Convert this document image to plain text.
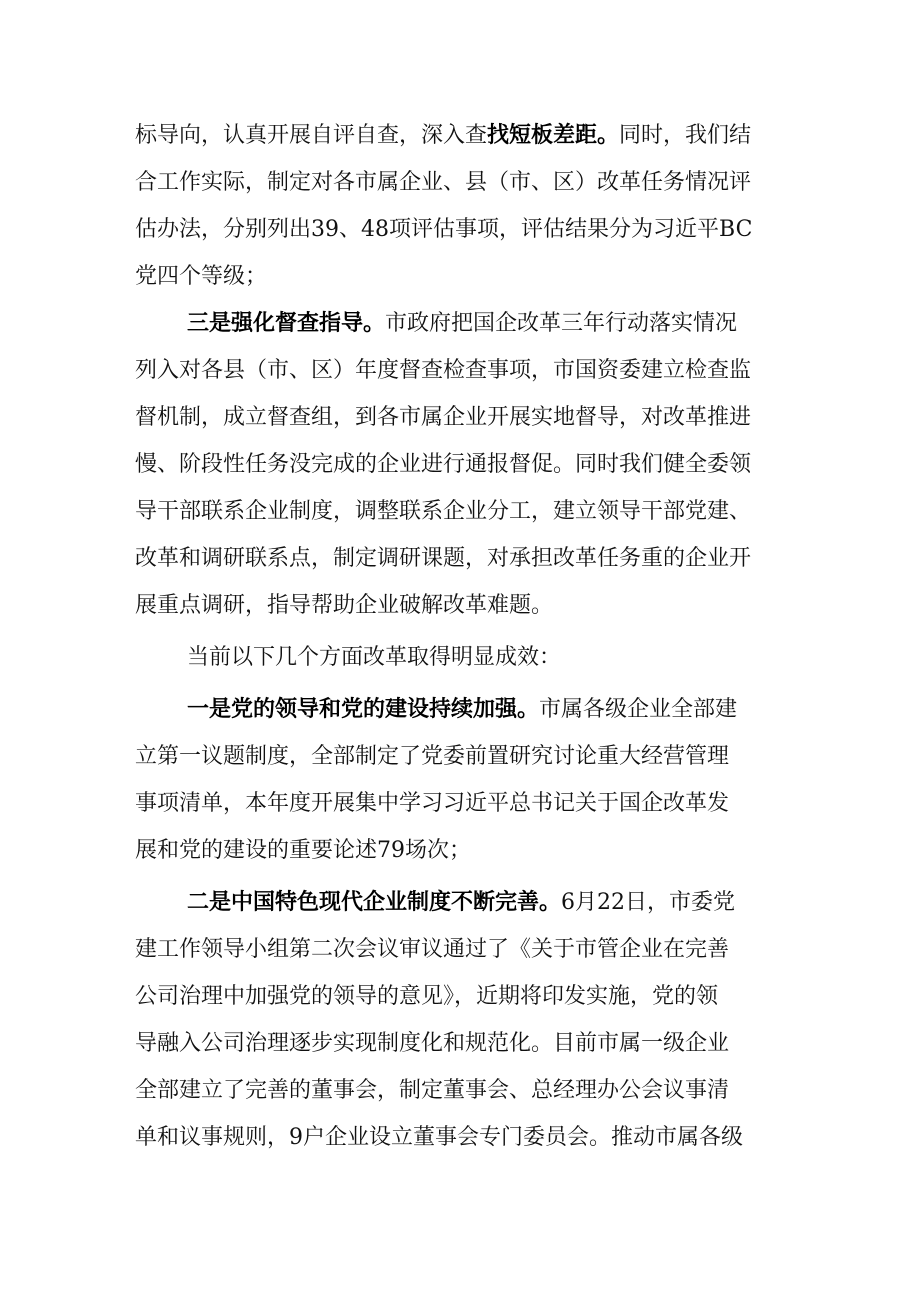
标导向，认真开展自评自查，深入查找短板差距。同时，我们结
合工作实际，制定对各市属企业、县（市、区）改革任务情况评
估办法，分别列出39、48项评估事项，评估结果分为习近平BC
党四个等级；
三是强化督查指导。市政府把国企改革三年行动落实情况
列入对各县（市、区）年度督查检查事项，市国资委建立检查监
督机制，成立督查组，到各市属企业开展实地督导，对改革推进
慢、阶段性任务没完成的企业进行通报督促。同时我们健全委领
导干部联系企业制度，调整联系企业分工，建立领导干部党建、
改革和调研联系点，制定调研课题，对承担改革任务重的企业开
展重点调研，指导帮助企业破解改革难题。
当前以下几个方面改革取得明显成效：
一是党的领导和党的建设持续加强。市属各级企业全部建
立第一议题制度，全部制定了党委前置研究讨论重大经营管理
事项清单，本年度开展集中学习习近平总书记关于国企改革发
展和党的建设的重要论述79场次；
二是中国特色现代企业制度不断完善。6月22日，市委党
建工作领导小组第二次会议审议通过了《关于市管企业在完善
公司治理中加强党的领导的意见》，近期将印发实施，党的领
导融入公司治理逐步实现制度化和规范化。目前市属一级企业
全部建立了完善的董事会，制定董事会、总经理办公会议事清
单和议事规则，9户企业设立董事会专门委员会。推动市属各级
